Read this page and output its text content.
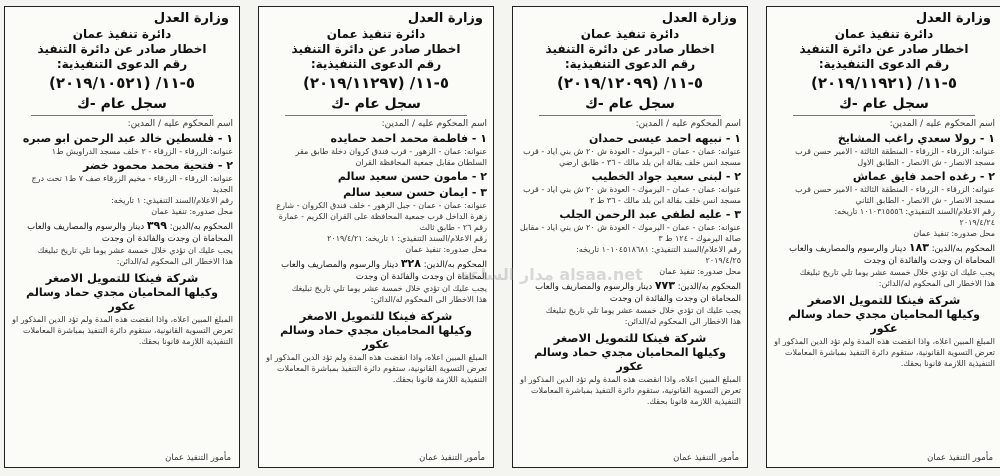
وزارة العدل
دائرة تنفيذ عمان
اخطار صادر عن دائرة التنفيذ
رقم الدعوى التنفيذية:
٥-١١/ (٢٠١٩/١١٩٢١)
سجل عام -ك
اسم المحكوم عليه / المدين:
١ - رولا سعدي راغب المشايخ
عنوانه: الزرقاء - الزرقاء - المنطقة الثالثة - الامير حسن قرب مسجد الانصار - ش الانصار - الطابق الاول
٢ - رغده احمد فايق عماش
عنوانه: الزرقاء - الزرقاء - المنطقة الثالثة - الامير حسن قرب مسجد الانصار - ش الانصار - الطابق الثاني
رقم الاعلام/السند التنفيذي: ١٠١٠٣١٥٥٥٦ تاريخه:
٢٠١٩/٤/٢٤
محل صدوره: تنفيذ عمان
المحكوم به/الدين: ١٨٣ دينار والرسوم والمصاريف والعاب المحاماة ان وجدت والفائدة ان وجدت
يجب عليك ان تؤدي خلال خمسة عشر يوما تلي تاريخ تبليغك
هذا الاخطار الى المحكوم له/الدائن:
شركة فينكا للتمويل الاصغر
وكيلها المحاميان مجدي حماد وسالم عكور
المبلغ المبين اعلاه، واذا انقضت هذه المدة ولم تؤد الدين المذكور او تعرض التسوية القانونية، ستقوم دائرة التنفيذ بمباشرة المعاملات التنفيذية اللازمة قانونا بحقك.
مأمور التنفيذ عمان
وزارة العدل
دائرة تنفيذ عمان
اخطار صادر عن دائرة التنفيذ
رقم الدعوى التنفيذية:
٥-١١/ (٢٠١٩/١٢٠٩٩)
سجل عام -ك
اسم المحكوم عليه / المدين:
١ - نبيهه احمد عيسى حمدان
عنوانه: عمان - عمان - اليرموك - العودة ش ٢٠ ش بني اياد - قرب مسجد انس خلف بقالة ابن بلد مالك - ٣٦ - طابق ارضي
٢ - لبنى سعيد جواد الخطيب
عنوانه: عمان - عمان - اليرموك - العودة ش ٢٠ ش بني اياد - قرب مسجد انس خلف بقالة ابن بلد مالك - ٣٦ ط ٢
٣ - عليه لطفي عبد الرحمن الجلب
عنوانه: عمان - عمان - اليرموك - العودة ش ٢٠ ش بني اياد - مقابل صالة اليرموك - ١٢٤ ط ٣
رقم الاعلام/السند التنفيذي: ١٠١٠٤٥١٨٦٨١ تاريخه:
٢٠١٩/٤/٢٥
محل صدوره: تنفيذ عمان
المحكوم به/الدين: ٧٧٣ دينار والرسوم والمصاريف والعاب المحاماة ان وجدت والفائدة ان وجدت
يجب عليك ان تؤدي خلال خمسة عشر يوما تلي تاريخ تبليغك
هذا الاخطار الى المحكوم له/الدائن:
شركة فينكا للتمويل الاصغر
وكيلها المحاميان مجدي حماد وسالم عكور
المبلغ المبين اعلاه، واذا انقضت هذه المدة ولم تؤد الدين المذكور او تعرض التسوية القانونية، ستقوم دائرة التنفيذ بمباشرة المعاملات التنفيذية اللازمة قانونا بحقك.
مأمور التنفيذ عمان
وزارة العدل
دائرة تنفيذ عمان
اخطار صادر عن دائرة التنفيذ
رقم الدعوى التنفيذية:
٥-١١/ (٢٠١٩/١١٢٩٧)
سجل عام -ك
اسم المحكوم عليه / المدين:
١ - فاطمة محمد احمد حمايده
عنوانه: عمان - الزهور - قرب فندق كروان دخلة طابق مقر السلطان مقابل جمعية المحافظة القران
٢ - مامون حسن سعيد سالم
٣ - ايمان حسن سعيد سالم
عنوانه: عمان - عمان - جبل الزهور - خلف فندق الكروان - شارع زهرة الداخل قرب جمعية المحافظة على القران الكريم - عمارة رقم ٢٦ - طابق ثالث
رقم الاعلام/السند التنفيذي: ١ تاريخه: ٢٠١٩/٤/٢١
محل صدوره: تنفيذ عمان
المحكوم به/الدين: ٣٢٨ دينار والرسوم والمصاريف والعاب المحاماة ان وجدت والفائدة ان وجدت
يجب عليك ان تؤدي خلال خمسة عشر يوما تلي تاريخ تبليغك
هذا الاخطار الى المحكوم له/الدائن:
شركة فينكا للتمويل الاصغر
وكيلها المحاميان مجدي حماد وسالم عكور
المبلغ المبين اعلاه، واذا انقضت هذه المدة ولم تؤد الدين المذكور او تعرض التسوية القانونية، ستقوم دائرة التنفيذ بمباشرة المعاملات التنفيذية اللازمة قانونا بحقك.
مأمور التنفيذ عمان
وزارة العدل
دائرة تنفيذ عمان
اخطار صادر عن دائرة التنفيذ
رقم الدعوى التنفيذية:
٥-١١/ (٢٠١٩/١٠٥٢١)
سجل عام -ك
اسم المحكوم عليه / المدين:
١ - فلسطين خالد عبد الرحمن ابو صبره
عنوانه: الزرقاء - الزرقاء - ٢ خلف مسجد الدراويش ط١
٢ - فتحية محمد محمود خضر
عنوانه: الزرقاء - الزرقاء - مخيم الزرقاء صف ٧ ط١ تحت درج الجديد
رقم الاعلام/السند التنفيذي: ١ تاريخه:
محل صدوره: تنفيذ عمان
المحكوم به/الدين: ٣٩٩ دينار والرسوم والمصاريف والعاب المحاماة ان وجدت والفائدة ان وجدت
يجب عليك ان تؤدي خلال خمسة عشر يوما تلي تاريخ تبليغك
هذا الاخطار الى المحكوم له/الدائن:
شركة فينكا للتمويل الاصغر
وكيلها المحاميان مجدي حماد وسالم عكور
المبلغ المبين اعلاه، واذا انقضت هذه المدة ولم تؤد الدين المذكور او تعرض التسوية القانونية، ستقوم دائرة التنفيذ بمباشرة المعاملات التنفيذية اللازمة قانونا بحقك.
مأمور التنفيذ عمان
مدار الساعة alsaa.net
